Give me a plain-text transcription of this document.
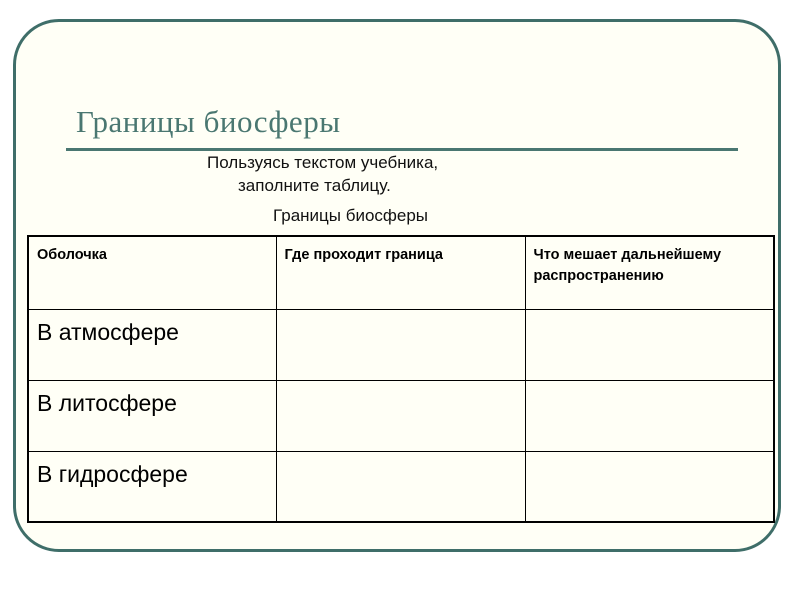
Границы биосферы
Пользуясь текстом учебника,
заполните таблицу.
Границы биосферы
Оболочка	Где проходит граница	Что мешает дальнейшему распространению
В атмосфере		
В литосфере		
В гидросфере		
